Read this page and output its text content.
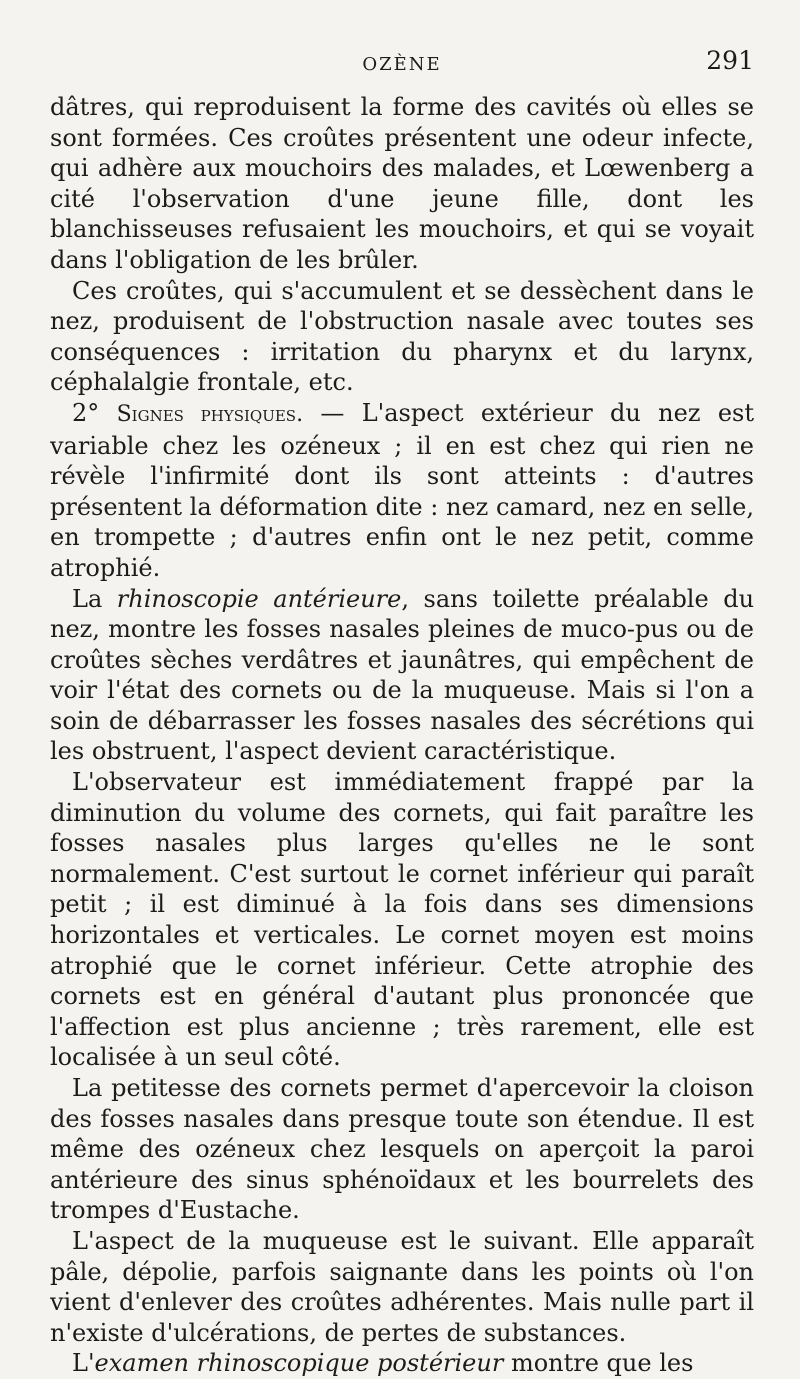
OZÈNE	291

dâtres, qui reproduisent la forme des cavités où elles se sont formées. Ces croûtes présentent une odeur infecte, qui adhère aux mouchoirs des malades, et Lœwenberg a cité l'observation d'une jeune fille, dont les blanchisseuses refusaient les mouchoirs, et qui se voyait dans l'obligation de les brûler.

Ces croûtes, qui s'accumulent et se dessèchent dans le nez, produisent de l'obstruction nasale avec toutes ses conséquences : irritation du pharynx et du larynx, céphalalgie frontale, etc.

2° Signes physiques. — L'aspect extérieur du nez est variable chez les ozéneux ; il en est chez qui rien ne révèle l'infirmité dont ils sont atteints : d'autres présentent la déformation dite : nez camard, nez en selle, en trompette ; d'autres enfin ont le nez petit, comme atrophié.

La rhinoscopie antérieure, sans toilette préalable du nez, montre les fosses nasales pleines de muco-pus ou de croûtes sèches verdâtres et jaunâtres, qui empêchent de voir l'état des cornets ou de la muqueuse. Mais si l'on a soin de débarrasser les fosses nasales des sécrétions qui les obstruent, l'aspect devient caractéristique.

L'observateur est immédiatement frappé par la diminution du volume des cornets, qui fait paraître les fosses nasales plus larges qu'elles ne le sont normalement. C'est surtout le cornet inférieur qui paraît petit ; il est diminué à la fois dans ses dimensions horizontales et verticales. Le cornet moyen est moins atrophié que le cornet inférieur. Cette atrophie des cornets est en général d'autant plus prononcée que l'affection est plus ancienne ; très rarement, elle est localisée à un seul côté.

La petitesse des cornets permet d'apercevoir la cloison des fosses nasales dans presque toute son étendue. Il est même des ozéneux chez lesquels on aperçoit la paroi antérieure des sinus sphénoïdaux et les bourrelets des trompes d'Eustache.

L'aspect de la muqueuse est le suivant. Elle apparaît pâle, dépolie, parfois saignante dans les points où l'on vient d'enlever des croûtes adhérentes. Mais nulle part il n'existe d'ulcérations, de pertes de substances.

L'examen rhinoscopique postérieur montre que les
